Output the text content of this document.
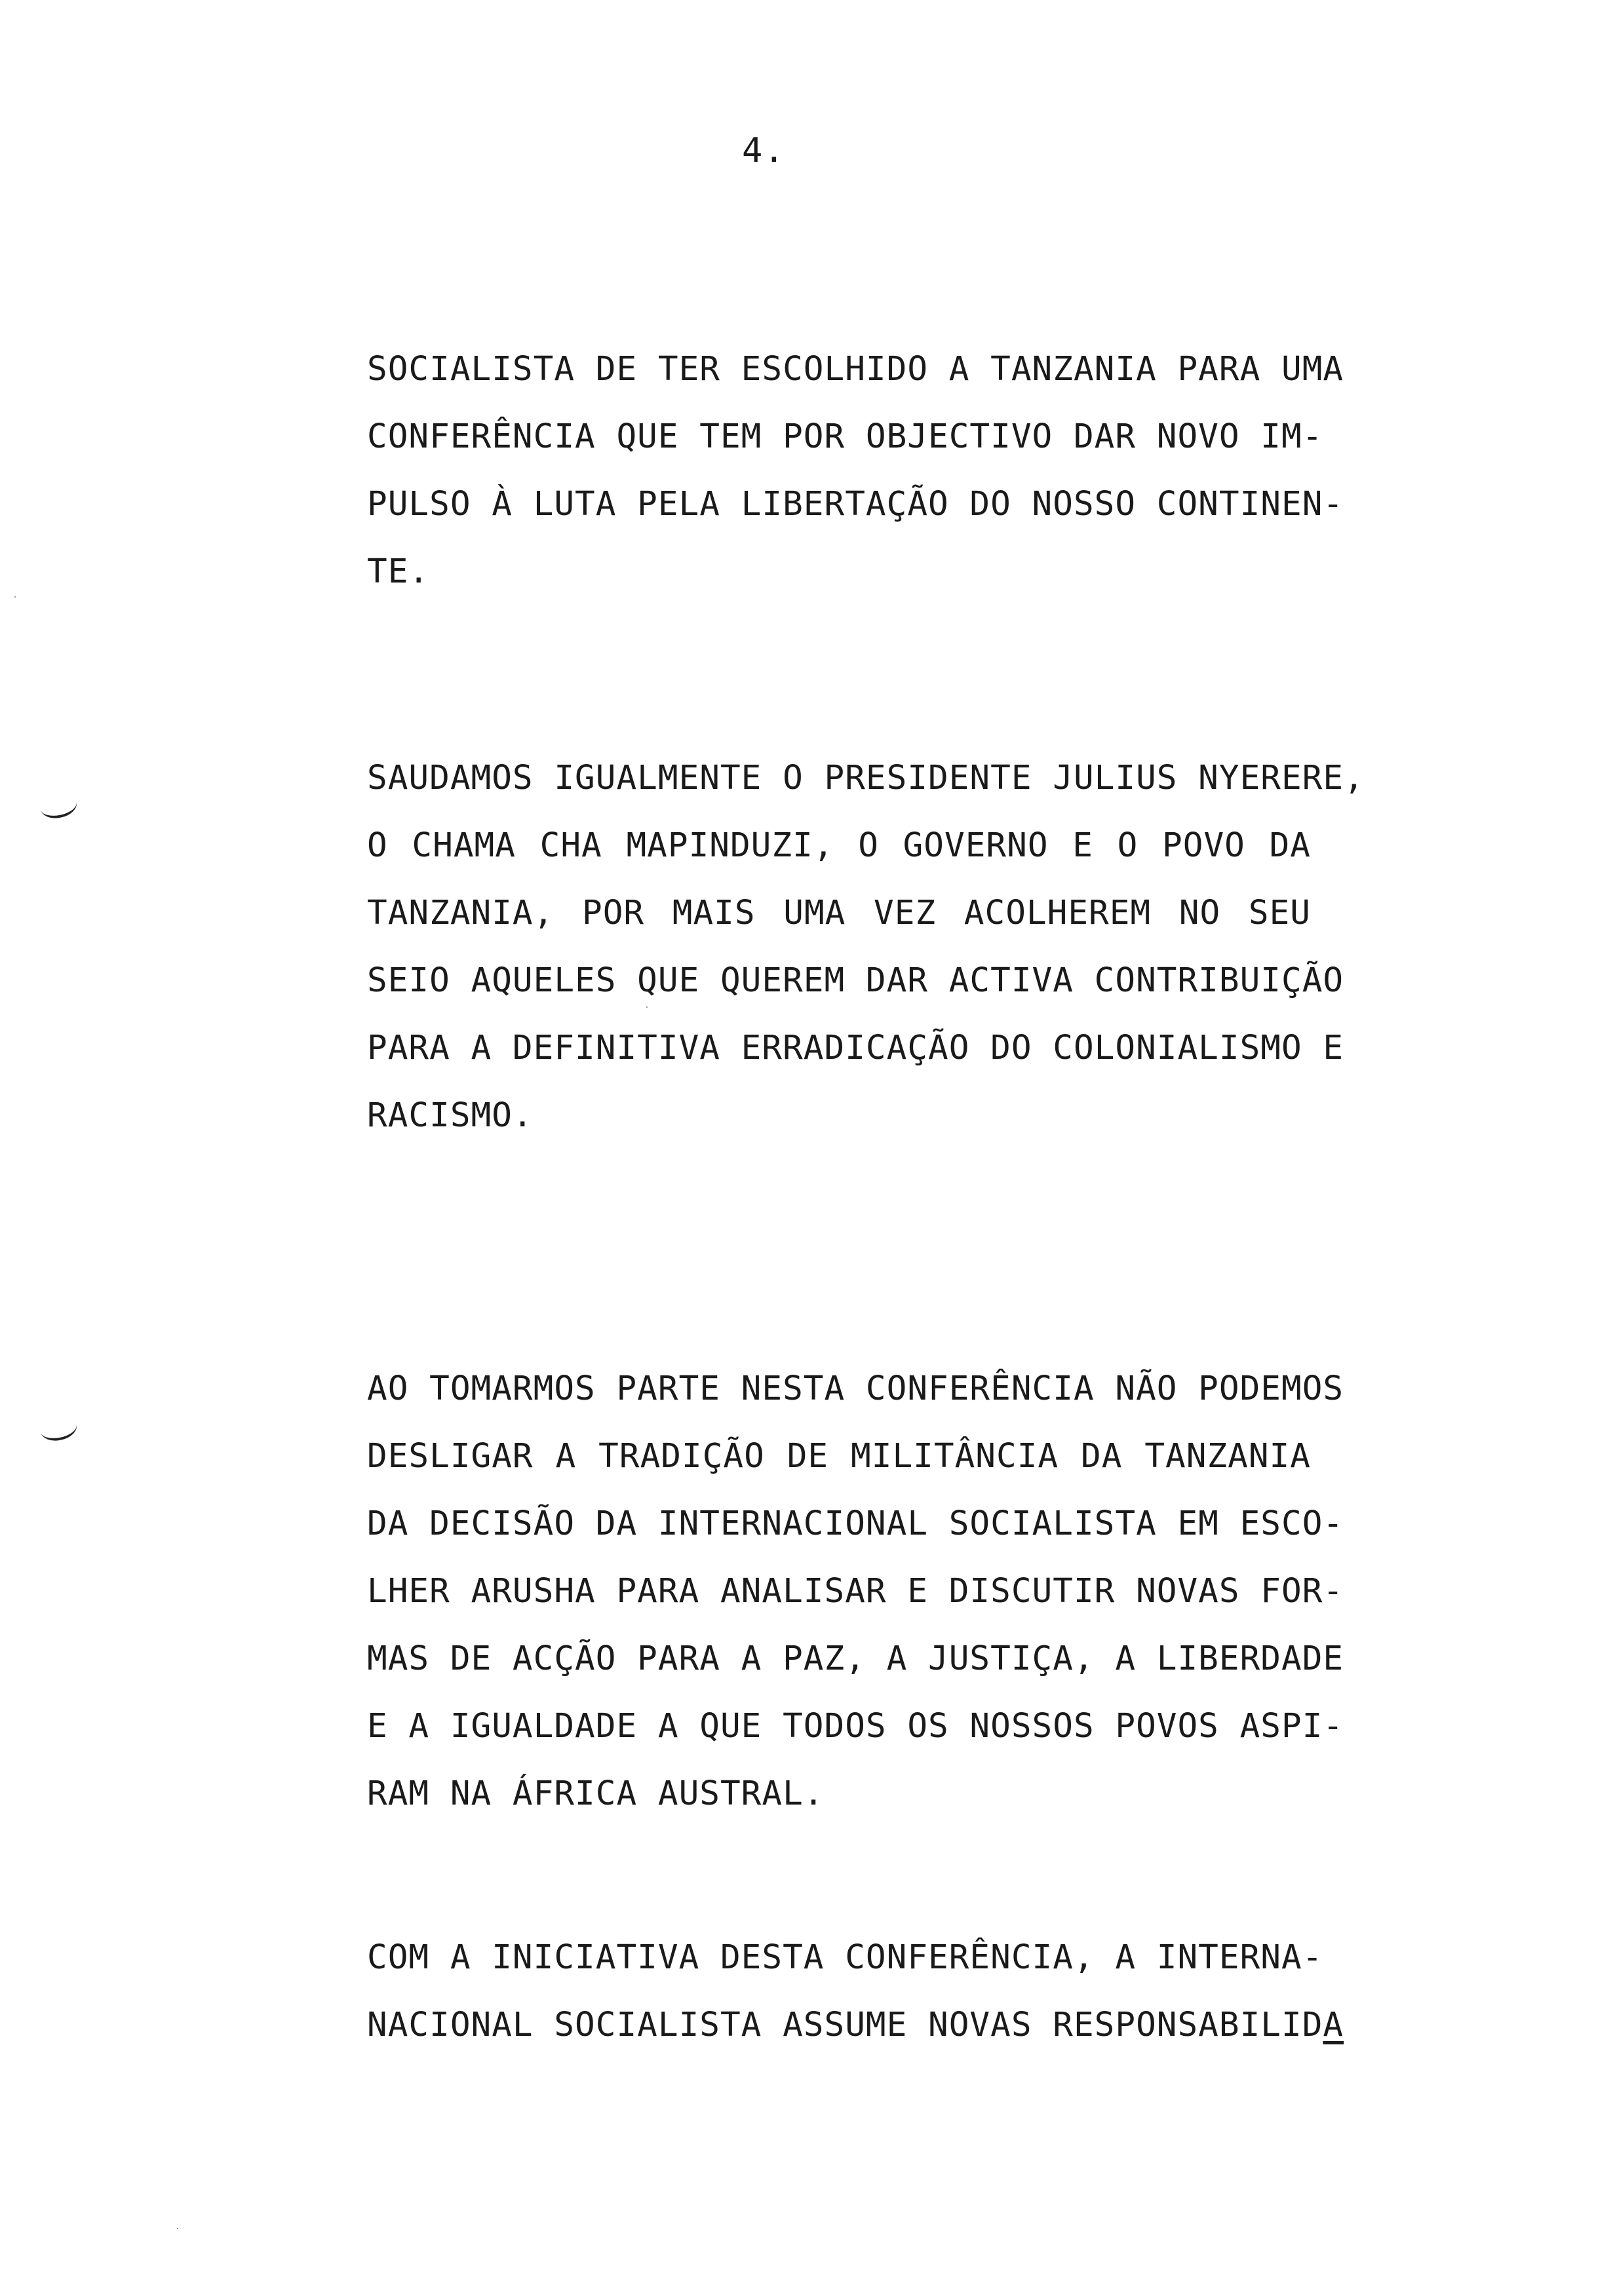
4.

SOCIALISTA DE TER ESCOLHIDO A TANZANIA PARA UMA
CONFERÊNCIA QUE TEM POR OBJECTIVO DAR NOVO IM-
PULSO À LUTA PELA LIBERTAÇÃO DO NOSSO CONTINEN-
TE.

SAUDAMOS IGUALMENTE O PRESIDENTE JULIUS NYERERE,
O CHAMA CHA MAPINDUZI, O GOVERNO E O POVO DA
TANZANIA, POR MAIS UMA VEZ ACOLHEREM NO SEU
SEIO AQUELES QUE QUEREM DAR ACTIVA CONTRIBUIÇÃO
PARA A DEFINITIVA ERRADICAÇÃO DO COLONIALISMO E
RACISMO.

AO TOMARMOS PARTE NESTA CONFERÊNCIA NÃO PODEMOS
DESLIGAR A TRADIÇÃO DE MILITÂNCIA DA TANZANIA
DA DECISÃO DA INTERNACIONAL SOCIALISTA EM ESCO-
LHER ARUSHA PARA ANALISAR E DISCUTIR NOVAS FOR-
MAS DE ACÇÃO PARA A PAZ, A JUSTIÇA, A LIBERDADE
E A IGUALDADE A QUE TODOS OS NOSSOS POVOS ASPI-
RAM NA ÁFRICA AUSTRAL.

COM A INICIATIVA DESTA CONFERÊNCIA, A INTERNA-
NACIONAL SOCIALISTA ASSUME NOVAS RESPONSABILIDA
